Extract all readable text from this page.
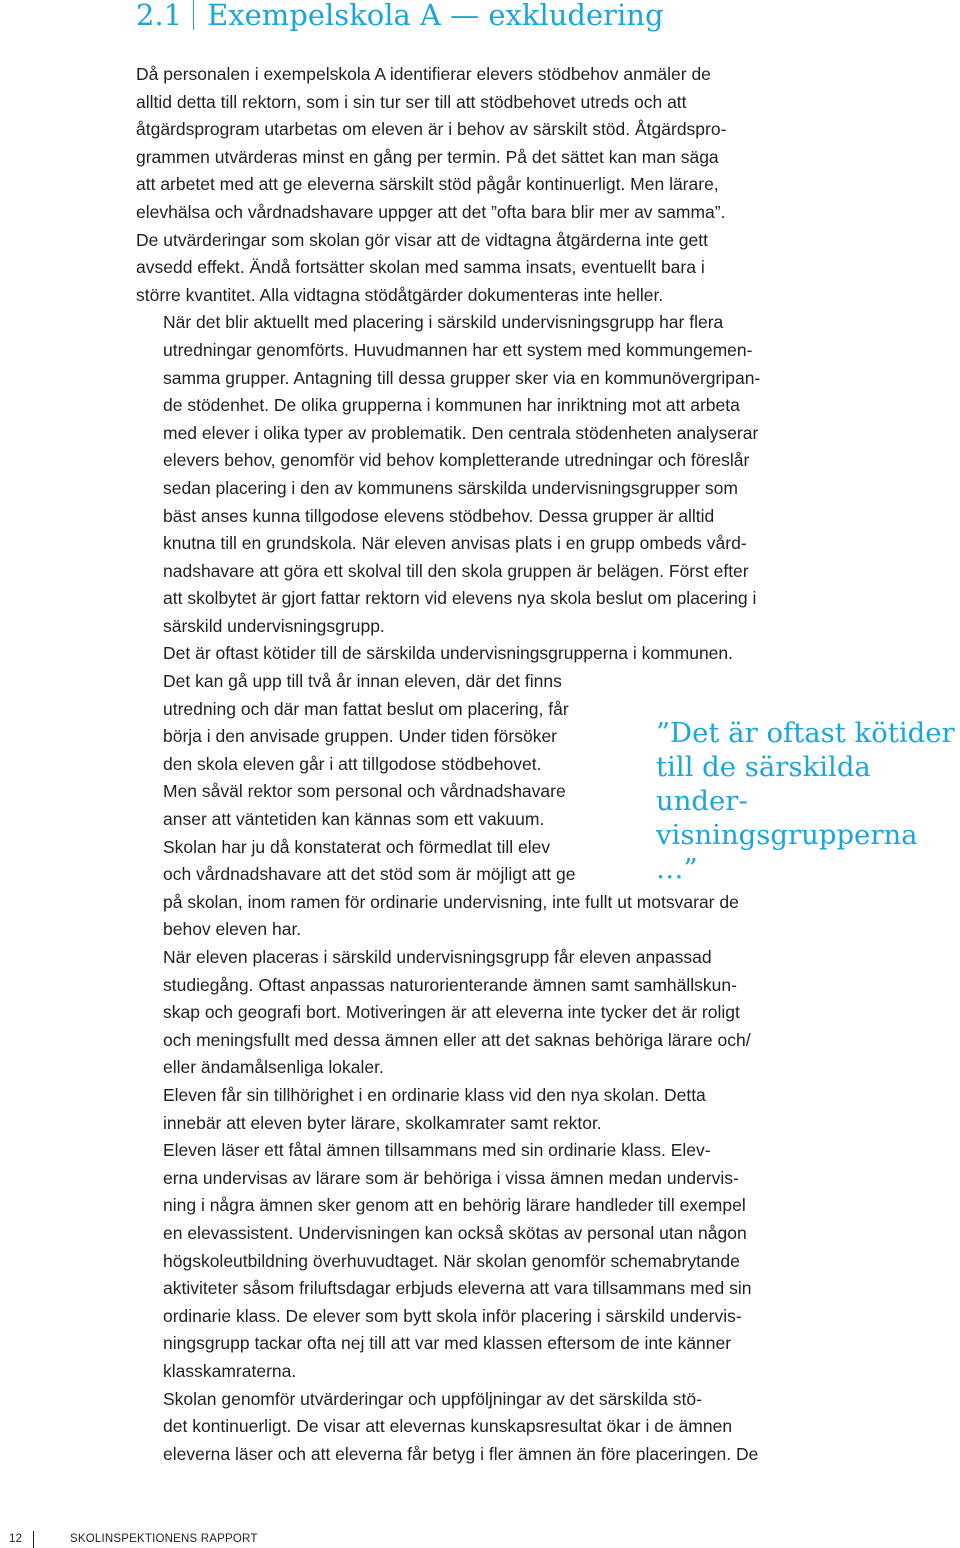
2.1 Exempelskola A — exkludering

Då personalen i exempelskola A identifierar elevers stödbehov anmäler de
alltid detta till rektorn, som i sin tur ser till att stödbehovet utreds och att
åtgärdsprogram utarbetas om eleven är i behov av särskilt stöd. Åtgärdspro-
grammen utvärderas minst en gång per termin. På det sättet kan man säga
att arbetet med att ge eleverna särskilt stöd pågår kontinuerligt. Men lärare,
elevhälsa och vårdnadshavare uppger att det ”ofta bara blir mer av samma”.
De utvärderingar som skolan gör visar att de vidtagna åtgärderna inte gett
avsedd effekt. Ändå fortsätter skolan med samma insats, eventuellt bara i
större kvantitet. Alla vidtagna stödåtgärder dokumenteras inte heller.

När det blir aktuellt med placering i särskild undervisningsgrupp har flera
utredningar genomförts. Huvudmannen har ett system med kommungemen-
samma grupper. Antagning till dessa grupper sker via en kommunövergripan-
de stödenhet. De olika grupperna i kommunen har inriktning mot att arbeta
med elever i olika typer av problematik. Den centrala stödenheten analyserar
elevers behov, genomför vid behov kompletterande utredningar och föreslår
sedan placering i den av kommunens särskilda undervisningsgrupper som
bäst anses kunna tillgodose elevens stödbehov. Dessa grupper är alltid
knutna till en grundskola. När eleven anvisas plats i en grupp ombeds vård-
nadshavare att göra ett skolval till den skola gruppen är belägen. Först efter
att skolbytet är gjort fattar rektorn vid elevens nya skola beslut om placering i
särskild undervisningsgrupp.

Det är oftast kötider till de särskilda undervisningsgrupperna i kommunen.
Det kan gå upp till två år innan eleven, där det finns
utredning och där man fattat beslut om placering, får
börja i den anvisade gruppen. Under tiden försöker
den skola eleven går i att tillgodose stödbehovet.
Men såväl rektor som personal och vårdnadshavare
anser att väntetiden kan kännas som ett vakuum.
Skolan har ju då konstaterat och förmedlat till elev
och vårdnadshavare att det stöd som är möjligt att ge
på skolan, inom ramen för ordinarie undervisning, inte fullt ut motsvarar de
behov eleven har.

När eleven placeras i särskild undervisningsgrupp får eleven anpassad
studiegång. Oftast anpassas naturorienterande ämnen samt samhällskun-
skap och geografi bort. Motiveringen är att eleverna inte tycker det är roligt
och meningsfullt med dessa ämnen eller att det saknas behöriga lärare och/
eller ändamålsenliga lokaler.

Eleven får sin tillhörighet i en ordinarie klass vid den nya skolan. Detta
innebär att eleven byter lärare, skolkamrater samt rektor.

Eleven läser ett fåtal ämnen tillsammans med sin ordinarie klass. Elev-
erna undervisas av lärare som är behöriga i vissa ämnen medan undervis-
ning i några ämnen sker genom att en behörig lärare handleder till exempel
en elevassistent. Undervisningen kan också skötas av personal utan någon
högskoleutbildning överhuvudtaget. När skolan genomför schemabrytande
aktiviteter såsom friluftsdagar erbjuds eleverna att vara tillsammans med sin
ordinarie klass. De elever som bytt skola inför placering i särskild undervis-
ningsgrupp tackar ofta nej till att var med klassen eftersom de inte känner
klasskamraterna.

Skolan genomför utvärderingar och uppföljningar av det särskilda stö-
det kontinuerligt. De visar att elevernas kunskapsresultat ökar i de ämnen
eleverna läser och att eleverna får betyg i fler ämnen än före placeringen. De

”Det är oftast kötider
till de särskilda under-
visningsgrupperna …”
12	SKOLINSPEKTIONENS RAPPORT
